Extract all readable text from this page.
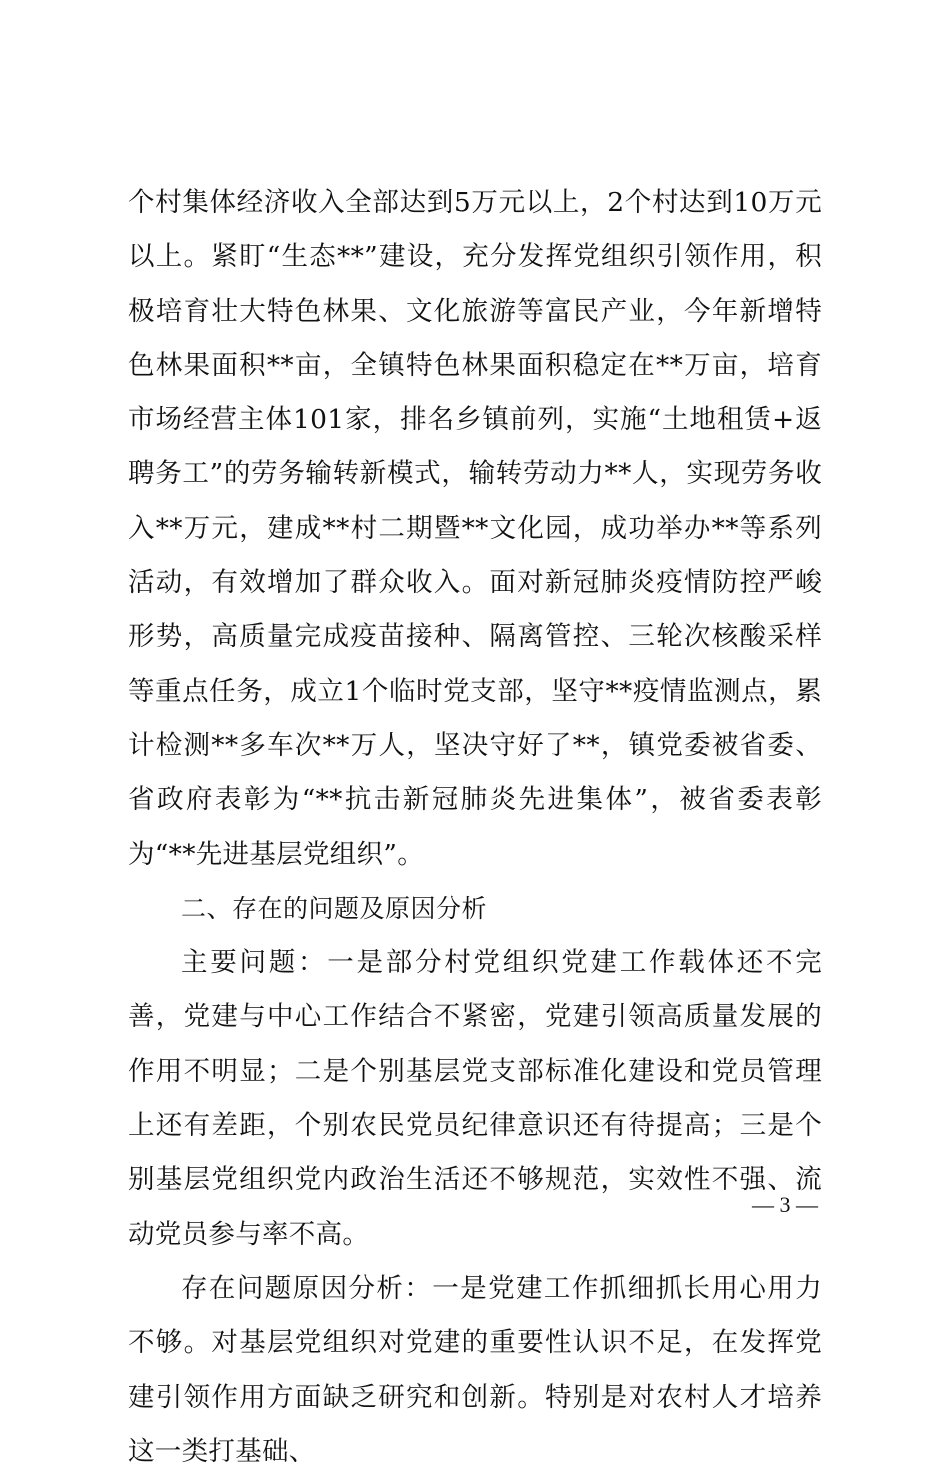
个村集体经济收入全部达到5万元以上，2个村达到10万元以上。紧盯“生态**”建设，充分发挥党组织引领作用，积极培育壮大特色林果、文化旅游等富民产业，今年新增特色林果面积**亩，全镇特色林果面积稳定在**万亩，培育市场经营主体101家，排名乡镇前列，实施“土地租赁+返聘务工”的劳务输转新模式，输转劳动力**人，实现劳务收入**万元，建成**村二期暨**文化园，成功举办**等系列活动，有效增加了群众收入。面对新冠肺炎疫情防控严峻形势，高质量完成疫苗接种、隔离管控、三轮次核酸采样等重点任务，成立1个临时党支部，坚守**疫情监测点，累计检测**多车次**万人，坚决守好了**，镇党委被省委、省政府表彰为“**抗击新冠肺炎先进集体”，被省委表彰为“**先进基层党组织”。

二、存在的问题及原因分析

主要问题：一是部分村党组织党建工作载体还不完善，党建与中心工作结合不紧密，党建引领高质量发展的作用不明显；二是个别基层党支部标准化建设和党员管理上还有差距，个别农民党员纪律意识还有待提高；三是个别基层党组织党内政治生活还不够规范，实效性不强、流动党员参与率不高。

存在问题原因分析：一是党建工作抓细抓长用心用力不够。对基层党组织对党建的重要性认识不足，在发挥党建引领作用方面缺乏研究和创新。特别是对农村人才培养这一类打基础、

— 3 —
